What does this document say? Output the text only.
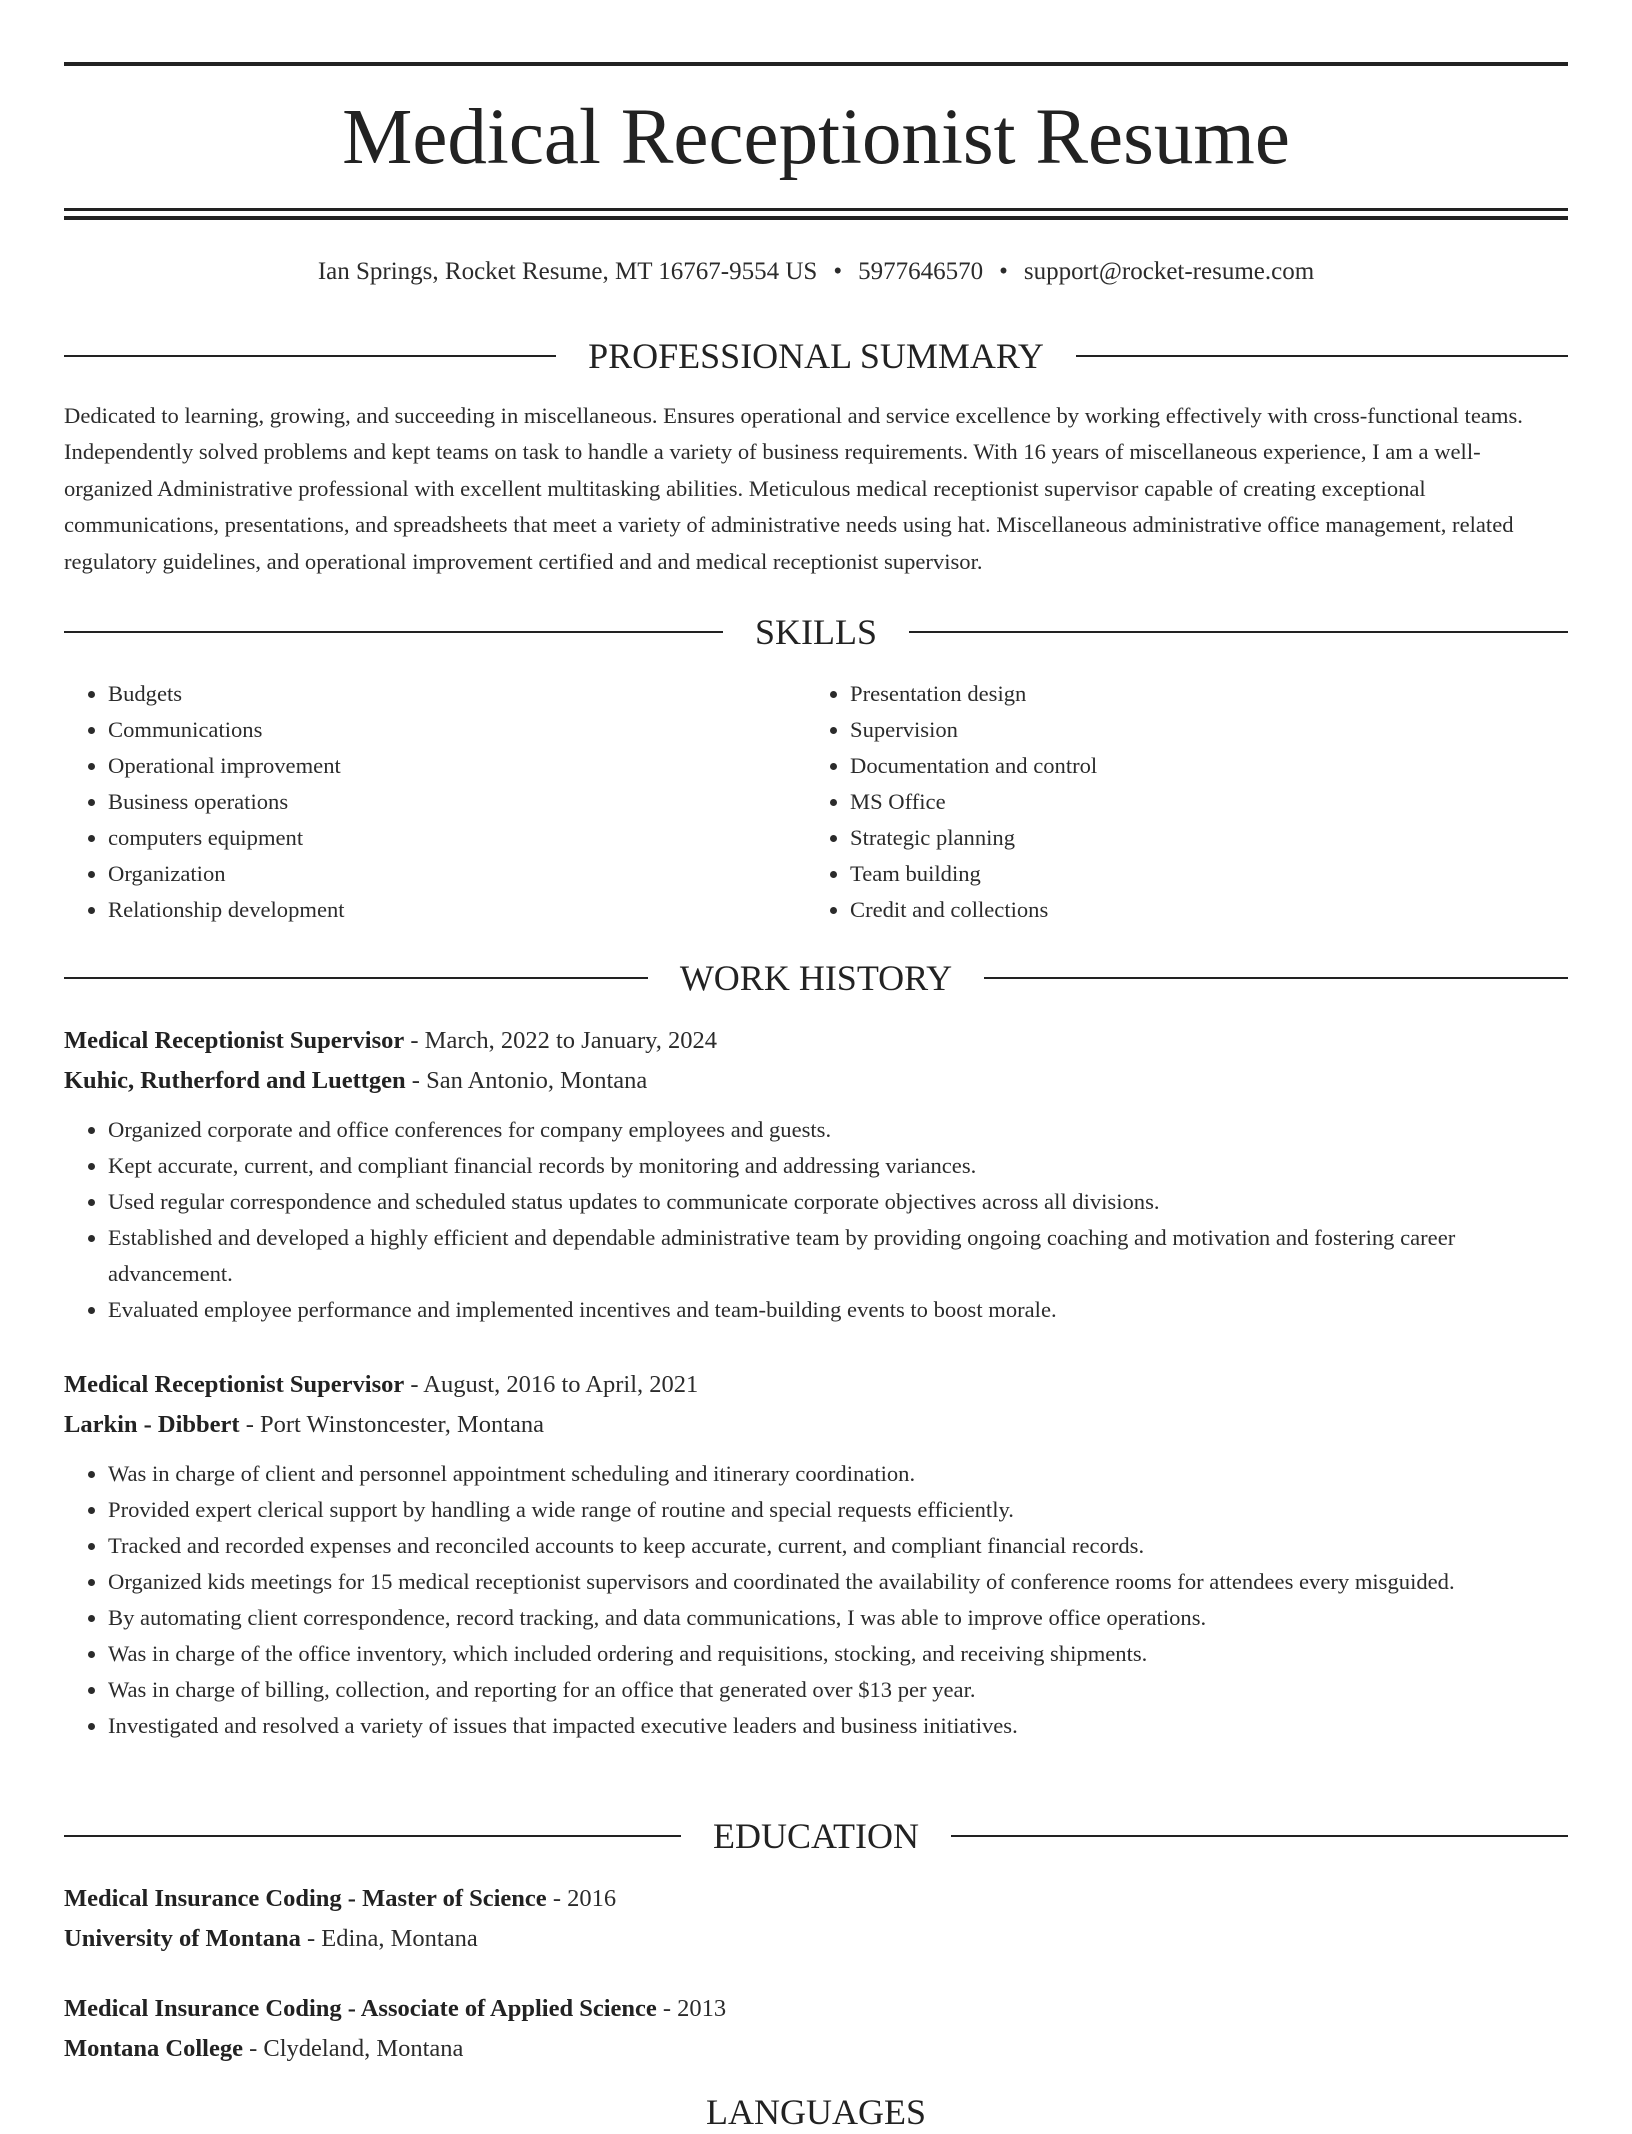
Medical Receptionist Resume
Ian Springs, Rocket Resume, MT 16767-9554 US • 5977646570 • support@rocket-resume.com
PROFESSIONAL SUMMARY

Dedicated to learning, growing, and succeeding in miscellaneous. Ensures operational and service excellence by working effectively with cross-functional teams. Independently solved problems and kept teams on task to handle a variety of business requirements. With 16 years of miscellaneous experience, I am a well-organized Administrative professional with excellent multitasking abilities. Meticulous medical receptionist supervisor capable of creating exceptional communications, presentations, and spreadsheets that meet a variety of administrative needs using hat. Miscellaneous administrative office management, related regulatory guidelines, and operational improvement certified and and medical receptionist supervisor.

SKILLS
• Budgets
• Communications
• Operational improvement
• Business operations
• computers equipment
• Organization
• Relationship development
• Presentation design
• Supervision
• Documentation and control
• MS Office
• Strategic planning
• Team building
• Credit and collections
WORK HISTORY

Medical Receptionist Supervisor - March, 2022 to January, 2024

Kuhic, Rutherford and Luettgen - San Antonio, Montana

• Organized corporate and office conferences for company employees and guests.
• Kept accurate, current, and compliant financial records by monitoring and addressing variances.
• Used regular correspondence and scheduled status updates to communicate corporate objectives across all divisions.
• Established and developed a highly efficient and dependable administrative team by providing ongoing coaching and motivation and fostering career advancement.
• Evaluated employee performance and implemented incentives and team-building events to boost morale.

Medical Receptionist Supervisor - August, 2016 to April, 2021

Larkin - Dibbert - Port Winstoncester, Montana

• Was in charge of client and personnel appointment scheduling and itinerary coordination.
• Provided expert clerical support by handling a wide range of routine and special requests efficiently.
• Tracked and recorded expenses and reconciled accounts to keep accurate, current, and compliant financial records.
• Organized kids meetings for 15 medical receptionist supervisors and coordinated the availability of conference rooms for attendees every misguided.
• By automating client correspondence, record tracking, and data communications, I was able to improve office operations.
• Was in charge of the office inventory, which included ordering and requisitions, stocking, and receiving shipments.
• Was in charge of billing, collection, and reporting for an office that generated over $13 per year.
• Investigated and resolved a variety of issues that impacted executive leaders and business initiatives.
EDUCATION

Medical Insurance Coding - Master of Science - 2016

University of Montana - Edina, Montana

Medical Insurance Coding - Associate of Applied Science - 2013

Montana College - Clydeland, Montana

LANGUAGES
